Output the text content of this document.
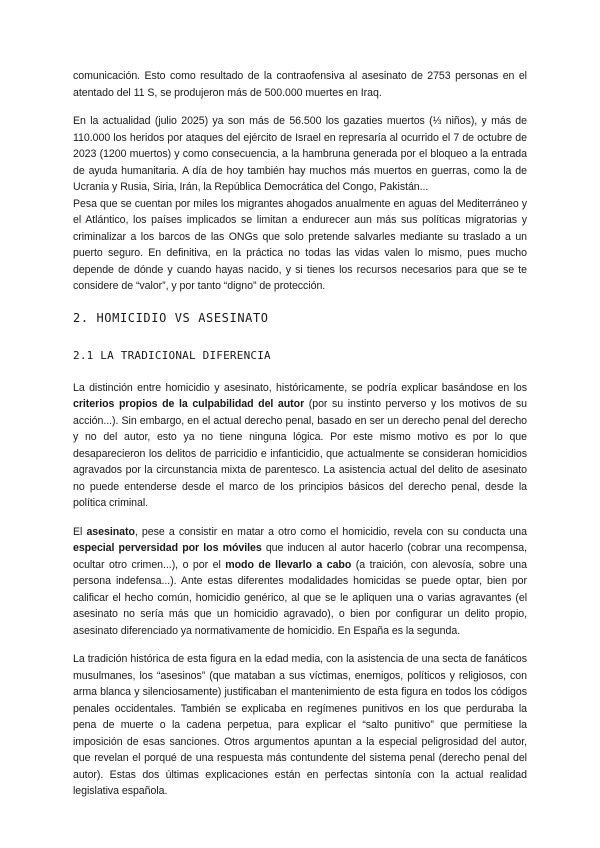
comunicación. Esto como resultado de la contraofensiva al asesinato de 2753 personas en el atentado del 11 S, se produjeron más de 500.000 muertes en Iraq.

En la actualidad (julio 2025) ya son más de 56.500 los gazaties muertos (⅓ niños), y más de 110.000 los heridos por ataques del ejército de Israel en represaría al ocurrido el 7 de octubre de 2023 (1200 muertos) y como consecuencia, a la hambruna generada por el bloqueo a la entrada de ayuda humanitaria. A día de hoy también hay muchos más muertos en guerras, como la de Ucrania y Rusia, Siria, Irán, la República Democrática del Congo, Pakistán...

Pesa que se cuentan por miles los migrantes ahogados anualmente en aguas del Mediterráneo y el Atlántico, los países implicados se limitan a endurecer aun más sus políticas migratorias y criminalizar a los barcos de las ONGs que solo pretende salvarles mediante su traslado a un puerto seguro. En definitiva, en la práctica no todas las vidas valen lo mismo, pues mucho depende de dónde y cuando hayas nacido, y si tienes los recursos necesarios para que se te considere de “valor”, y por tanto “digno” de protección.

2. HOMICIDIO VS ASESINATO
2.1 LA TRADICIONAL DIFERENCIA

La distinción entre homicidio y asesinato, históricamente, se podría explicar basándose en los criterios propios de la culpabilidad del autor (por su instinto perverso y los motivos de su acción...). Sin embargo, en el actual derecho penal, basado en ser un derecho penal del derecho y no del autor, esto ya no tiene ninguna lógica. Por este mismo motivo es por lo que desaparecieron los delitos de parricidio e infanticidio, que actualmente se consideran homicidios agravados por la circunstancia mixta de parentesco. La asistencia actual del delito de asesinato no puede entenderse desde el marco de los principios básicos del derecho penal, desde la política criminal.

El asesinato, pese a consistir en matar a otro como el homicidio, revela con su conducta una especial perversidad por los móviles que inducen al autor hacerlo (cobrar una recompensa, ocultar otro crimen...), o por el modo de llevarlo a cabo (a traición, con alevosía, sobre una persona indefensa...). Ante estas diferentes modalidades homicidas se puede optar, bien por calificar el hecho común, homicidio genérico, al que se le apliquen una o varias agravantes (el asesinato no sería más que un homicidio agravado), o bien por configurar un delito propio, asesinato diferenciado ya normativamente de homicidio. En España es la segunda.

La tradición histórica de esta figura en la edad media, con la asistencia de una secta de fanáticos musulmanes, los “asesinos” (que mataban a sus víctimas, enemigos, políticos y religiosos, con arma blanca y silenciosamente) justificaban el mantenimiento de esta figura en todos los códigos penales occidentales. También se explicaba en regímenes punitivos en los que perduraba la pena de muerte o la cadena perpetua, para explicar el “salto punitivo” que permitiese la imposición de esas sanciones. Otros argumentos apuntan a la especial peligrosidad del autor, que revelan el porqué de una respuesta más contundente del sistema penal (derecho penal del autor). Estas dos últimas explicaciones están en perfectas sintonía con la actual realidad legislativa española.
